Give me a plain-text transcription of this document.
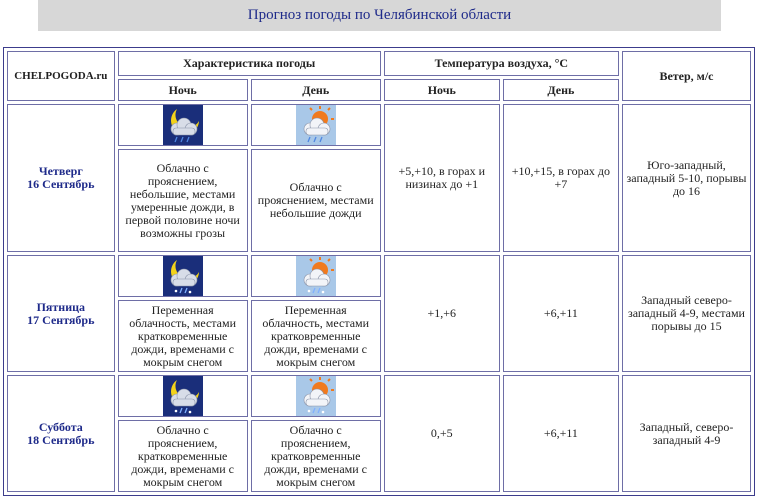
Прогноз погоды по Челябинской области
CHELPOGODA.ru	Характеристика погоды		Температура воздуха, °C		Ветер, м/с
	Ночь	День	Ночь	День	

Четверг
16 Сентябрь			+5,+10, в горах и низинах до +1	+10,+15, в горах до +7	Юго-западный, западный 5-10, порывы до 16
	Облачно с прояснением, небольшие, местами умеренные дожди, в первой половине ночи возможны грозы	Облачно с прояснением, местами небольшие дожди			

Пятница
17 Сентябрь			+1,+6	+6,+11	Западный северо-западный 4-9, местами порывы до 15
	Переменная облачность, местами кратковременные дожди, временами с мокрым снегом	Переменная облачность, местами кратковременные дожди, временами с мокрым снегом			

Суббота
18 Сентябрь			0,+5	+6,+11	Западный, северо-западный 4-9
	Облачно с прояснением, кратковременные дожди, временами с мокрым снегом	Облачно с прояснением, кратковременные дожди, временами с мокрым снегом			
